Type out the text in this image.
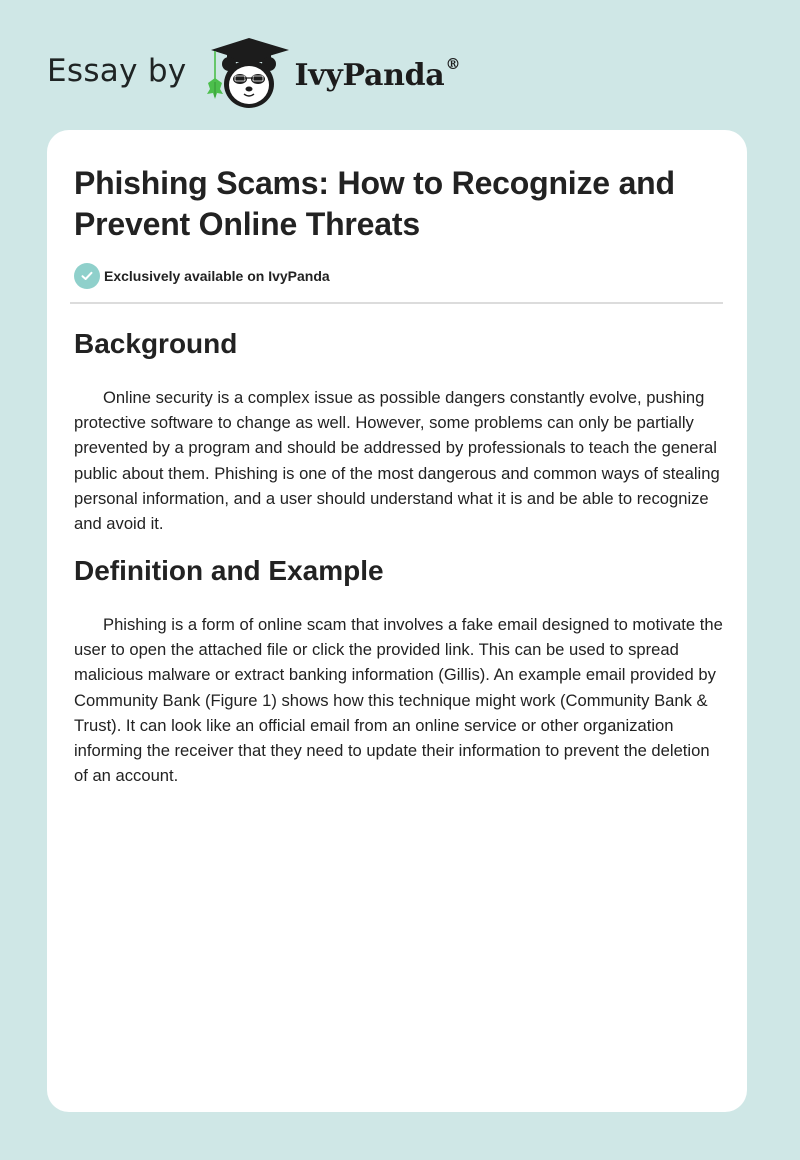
Essay by	IvyPanda®
Phishing Scams: How to Recognize and Prevent Online Threats
Exclusively available on IvyPanda
Background

Online security is a complex issue as possible dangers constantly evolve, pushing protective software to change as well. However, some problems can only be partially prevented by a program and should be addressed by professionals to teach the general public about them. Phishing is one of the most dangerous and common ways of stealing personal information, and a user should understand what it is and be able to recognize and avoid it.

Definition and Example

Phishing is a form of online scam that involves a fake email designed to motivate the user to open the attached file or click the provided link. This can be used to spread malicious malware or extract banking information (Gillis). An example email provided by Community Bank (Figure 1) shows how this technique might work (Community Bank & Trust). It can look like an official email from an online service or other organization informing the receiver that they need to update their information to prevent the deletion of an account.
